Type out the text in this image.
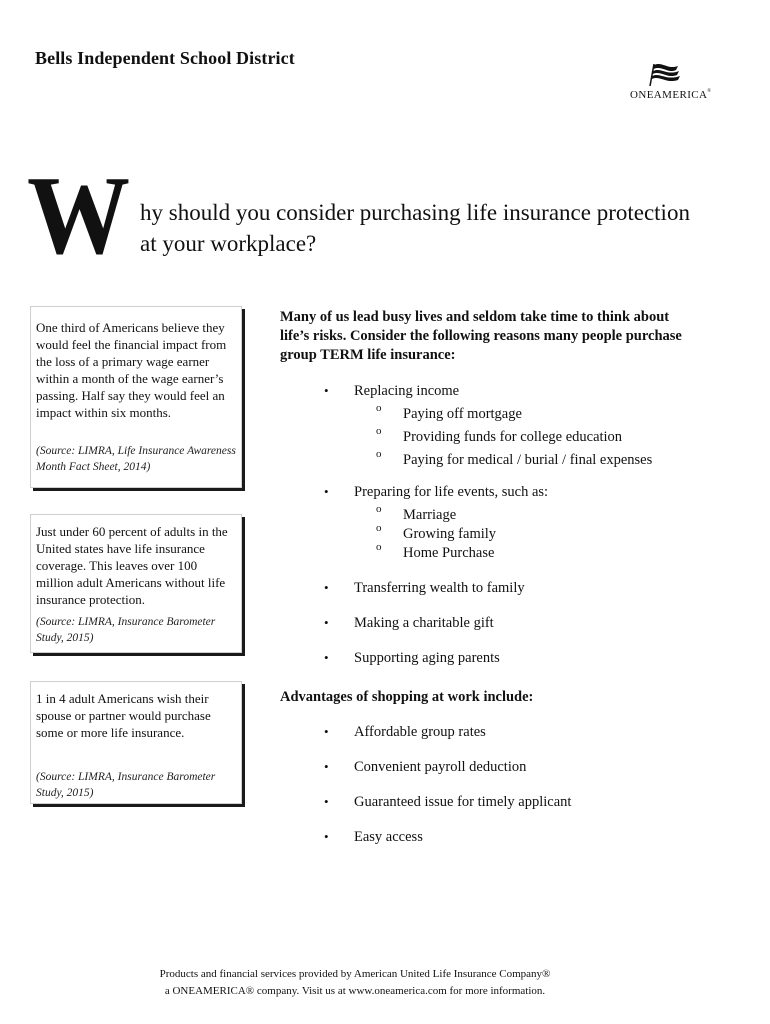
Bells Independent School District
ONEAMERICA®
W hy should you consider purchasing life insurance protection at your workplace?

One third of Americans believe they would feel the financial impact from the loss of a primary wage earner within a month of the wage earner’s passing. Half say they would feel an impact within six months.

(Source: LIMRA, Life Insurance Awareness Month Fact Sheet, 2014)

Just under 60 percent of adults in the United states have life insurance coverage. This leaves over 100 million adult Americans without life insurance protection.

(Source: LIMRA, Insurance Barometer Study, 2015)

1 in 4 adult Americans wish their spouse or partner would purchase some or more life insurance.

(Source: LIMRA, Insurance Barometer Study, 2015)
Many of us lead busy lives and seldom take time to think about life’s risks. Consider the following reasons many people purchase group TERM life insurance:
• Replacing income
o Paying off mortgage
o Providing funds for college education
o Paying for medical / burial / final expenses
• Preparing for life events, such as:
o Marriage
o Growing family
o Home Purchase
• Transferring wealth to family
• Making a charitable gift
• Supporting aging parents
Advantages of shopping at work include:
• Affordable group rates
• Convenient payroll deduction
• Guaranteed issue for timely applicant
• Easy access
Products and financial services provided by American United Life Insurance Company®
a ONEAMERICA® company. Visit us at www.oneamerica.com for more information.
